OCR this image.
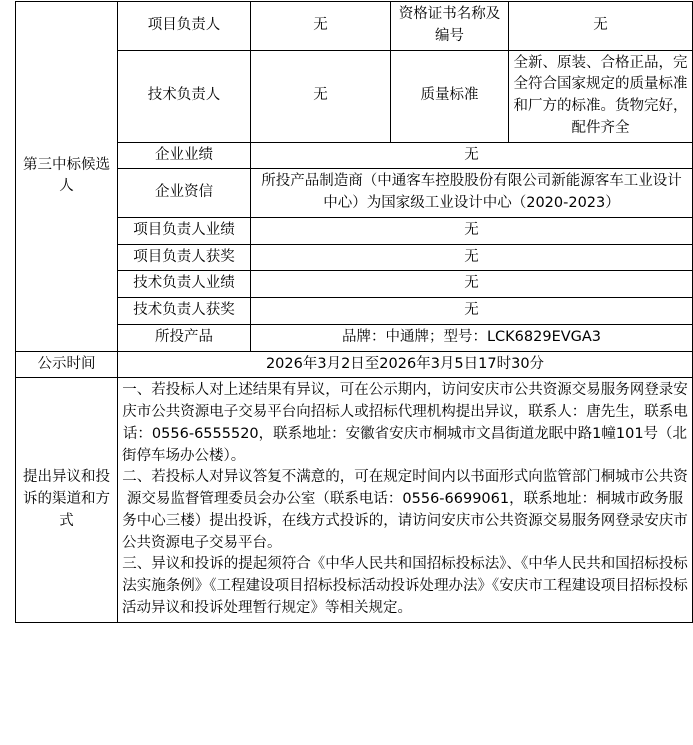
第三中标候选人	项目负责人	无	资格证书名称及编号	无
	技术负责人	无	质量标准	全新、原装、合格正品，完全符合国家规定的质量标准和厂方的标准。货物完好，配件齐全
	企业业绩	无		
	企业资信	所投产品制造商（中通客车控股股份有限公司新能源客车工业设计中心）为国家级工业设计中心（2020-2023）		
	项目负责人业绩	无		
	项目负责人获奖	无		
	技术负责人业绩	无		
	技术负责人获奖	无		
	所投产品	品牌：中通牌；型号：LCK6829EVGA3		
公示时间	2026年3月2日至2026年3月5日17时30分			
提出异议和投诉的渠道和方式	一、若投标人对上述结果有异议，可在公示期内，访问安庆市公共资源交易服务网登录安庆市公共资源电子交易平台向招标人或招标代理机构提出异议，联系人：唐先生，联系电话：0556-6555520，联系地址：安徽省安庆市桐城市文昌街道龙眠中路1幢101号（北街停车场办公楼）。

二、若投标人对异议答复不满意的，可在规定时间内以书面形式向监管部门桐城市公共资源交易监督管理委员会办公室（联系电话：0556-6699061，联系地址：桐城市政务服务中心三楼）提出投诉，在线方式投诉的，请访问安庆市公共资源交易服务网登录安庆市公共资源电子交易平台。

三、异议和投诉的提起须符合《中华人民共和国招标投标法》、《中华人民共和国招标投标法实施条例》《工程建设项目招标投标活动投诉处理办法》《安庆市工程建设项目招标投标活动异议和投诉处理暂行规定》等相关规定。			
